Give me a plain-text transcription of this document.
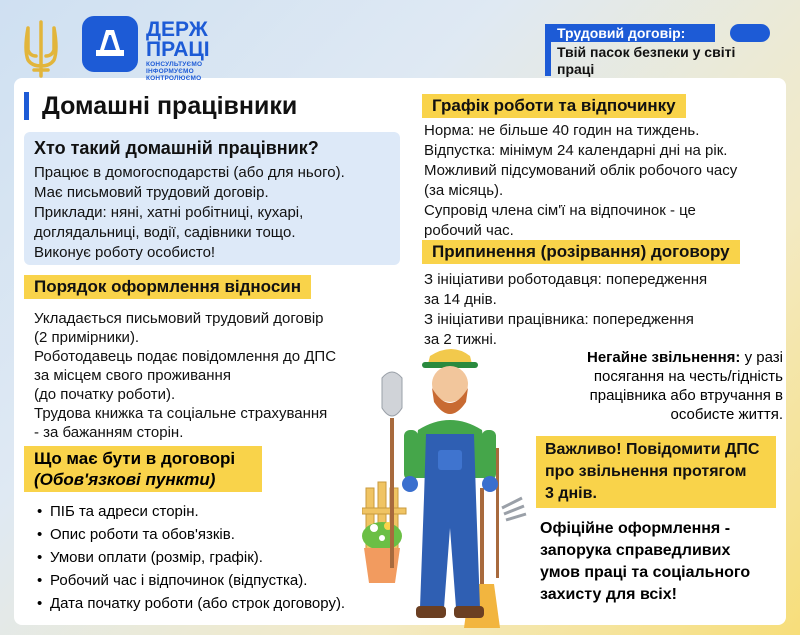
ДЕРЖ
ПРАЦІ
КОНСУЛЬТУЄМО
ІНФОРМУЄМО
КОНТРОЛЮЄМО
Трудовий договір:
Твій пасок безпеки у світі праці
Домашні працівники
Хто такий домашній працівник?
Працює в домогосподарстві (або для нього).
Має письмовий трудовий договір.
Приклади: няні, хатні робітниці, кухарі,
доглядальниці, водії, садівники тощо.
Виконує роботу особисто!
Порядок оформлення відносин
Укладається письмовий трудовий договір
(2 примірники).
Роботодавець подає повідомлення до ДПС
за місцем свого проживання
(до початку роботи).
Трудова книжка та соціальне страхування
- за бажанням сторін.
Що має бути в договорі
(Обов'язкові пункти)
• ПІБ та адреси сторін.
• Опис роботи та обов'язків.
• Умови оплати (розмір, графік).
• Робочий час і відпочинок (відпустка).
• Дата початку роботи (або строк договору).
Графік роботи та відпочинку
Норма: не більше 40 годин на тиждень.
Відпустка: мінімум 24 календарні дні на рік.
Можливий підсумований облік робочого часу
(за місяць).
Супровід члена сім'ї на відпочинок - це
робочий час.
Припинення (розірвання) договору
З ініціативи роботодавця: попередження
за 14 днів.
З ініціативи працівника: попередження
за 2 тижні.
Негайне звільнення: у разі
посягання на честь/гідність
працівника або втручання в
особисте життя.
Важливо! Повідомити ДПС
про звільнення протягом
3 днів.
Офіційне оформлення -
запорука справедливих
умов праці та соціального
захисту для всіх!
